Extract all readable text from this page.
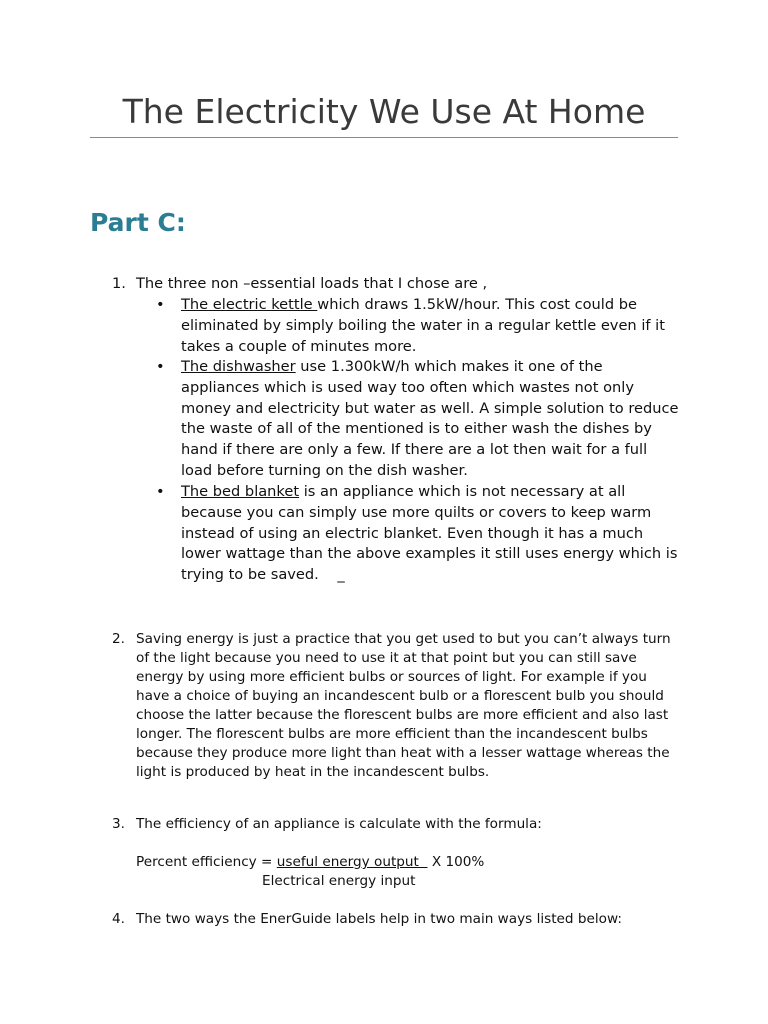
The Electricity We Use At Home
Part C:
1. The three non –essential loads that I chose are ,
• The electric kettle which draws 1.5kW/hour. This cost could be eliminated by simply boiling the water in a regular kettle even if it takes a couple of minutes more.
• The dishwasher use 1.300kW/h which makes it one of the appliances which is used way too often which wastes not only money and electricity but water as well. A simple solution to reduce the waste of all of the mentioned is to either wash the dishes by hand if there are only a few. If there are a lot then wait for a full load before turning on the dish washer.
• The bed blanket is an appliance which is not necessary at all because you can simply use more quilts or covers to keep warm instead of using an electric blanket. Even though it has a much lower wattage than the above examples it still uses energy which is trying to be saved.    _
2. Saving energy is just a practice that you get used to but you can’t always turn of the light because you need to use it at that point but you can still save energy by using more efficient bulbs or sources of light. For example if you have a choice of buying an incandescent bulb or a florescent bulb you should choose the latter because the florescent bulbs are more efficient and also last longer. The florescent bulbs are more efficient than the incandescent bulbs because they produce more light than heat with a lesser wattage whereas the light is produced by heat in the incandescent bulbs.
3. The efficiency of an appliance is calculate with the formula:
Percent efficiency = useful energy output   X 100%
Electrical energy input
4. The two ways the EnerGuide labels help in two main ways listed below:
